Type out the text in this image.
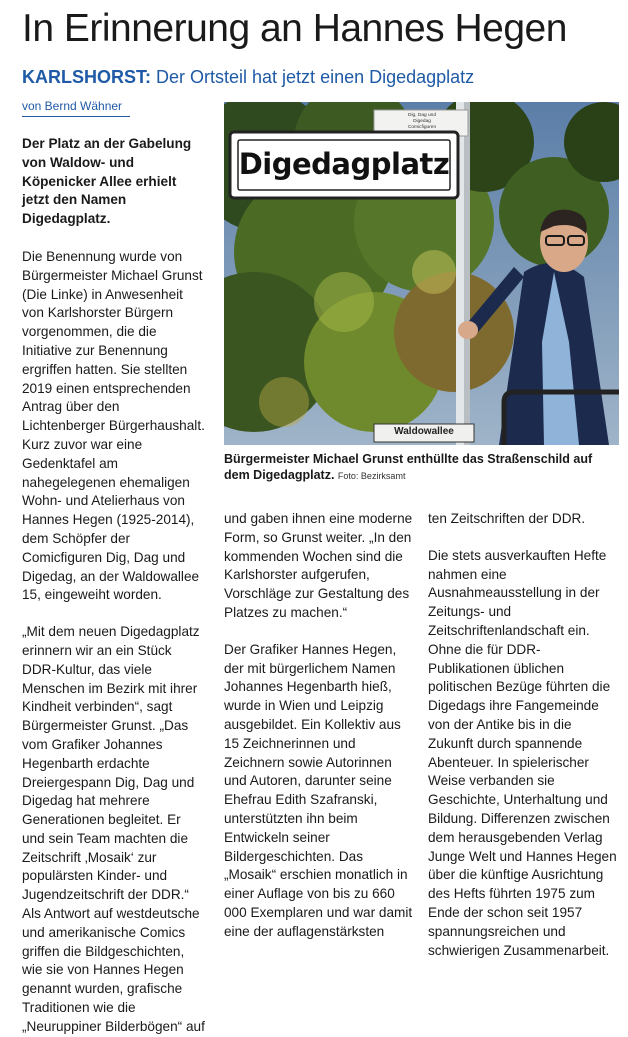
In Erinnerung an Hannes Hegen
KARLSHORST: Der Ortsteil hat jetzt einen Digedagplatz
von Bernd Wähner

Der Platz an der Gabelung von Waldow- und Köpenicker Allee erhielt jetzt den Namen Digedagplatz.

Die Benennung wurde von Bürgermeister Michael Grunst (Die Linke) in Anwesenheit von Karlshorster Bürgern vorgenommen, die die Initiative zur Benennung ergriffen hatten. Sie stellten 2019 einen entsprechenden Antrag über den Lichtenberger Bürgerhaushalt. Kurz zuvor war eine Gedenktafel am nahegelegenen ehemaligen Wohn- und Atelierhaus von Hannes Hegen (1925-2014), dem Schöpfer der Comicfiguren Dig, Dag und Digedag, an der Waldowallee 15, eingeweiht worden.

„Mit dem neuen Digedagplatz erinnern wir an ein Stück DDR-Kultur, das viele Menschen im Bezirk mit ihrer Kindheit verbinden“, sagt Bürgermeister Grunst. „Das vom Grafiker Johannes Hegenbarth erdachte Dreiergespann Dig, Dag und Digedag hat mehrere Generationen begleitet. Er und sein Team machten die Zeitschrift ‚Mosaik‘ zur populärsten Kinder- und Jugendzeitschrift der DDR.“ Als Antwort auf westdeutsche und amerikanische Comics griffen die Bildgeschichten, wie sie von Hannes Hegen genannt wurden, grafische Traditionen wie die „Neuruppiner Bilderbögen“ auf

Dig, Dag und
Digedag
Comicfiguren
Digedagplatz
Waldowallee
Bürgermeister Michael Grunst enthüllte das Straßenschild auf dem Digedagplatz. Foto: Bezirksamt

und gaben ihnen eine moderne Form, so Grunst weiter. „In den kommenden Wochen sind die Karlshorster aufgerufen, Vorschläge zur Gestaltung des Platzes zu machen.“

Der Grafiker Hannes Hegen, der mit bürgerlichem Namen Johannes Hegenbarth hieß, wurde in Wien und Leipzig ausgebildet. Ein Kollektiv aus 15 Zeichnerinnen und Zeichnern sowie Autorinnen und Autoren, darunter seine Ehefrau Edith Szafranski, unterstützten ihn beim Entwickeln seiner Bildergeschichten. Das „Mosaik“ erschien monatlich in einer Auflage von bis zu 660 000 Exemplaren und war damit eine der auflagenstärksten

ten Zeitschriften der DDR.

Die stets ausverkauften Hefte nahmen eine Ausnahmeausstellung in der Zeitungs- und Zeitschriftenlandschaft ein. Ohne die für DDR-Publikationen üblichen politischen Bezüge führten die Digedags ihre Fangemeinde von der Antike bis in die Zukunft durch spannende Abenteuer. In spielerischer Weise verbanden sie Geschichte, Unterhaltung und Bildung. Differenzen zwischen dem herausgebenden Verlag Junge Welt und Hannes Hegen über die künftige Ausrichtung des Hefts führten 1975 zum Ende der schon seit 1957 spannungsreichen und schwierigen Zusammenarbeit.
